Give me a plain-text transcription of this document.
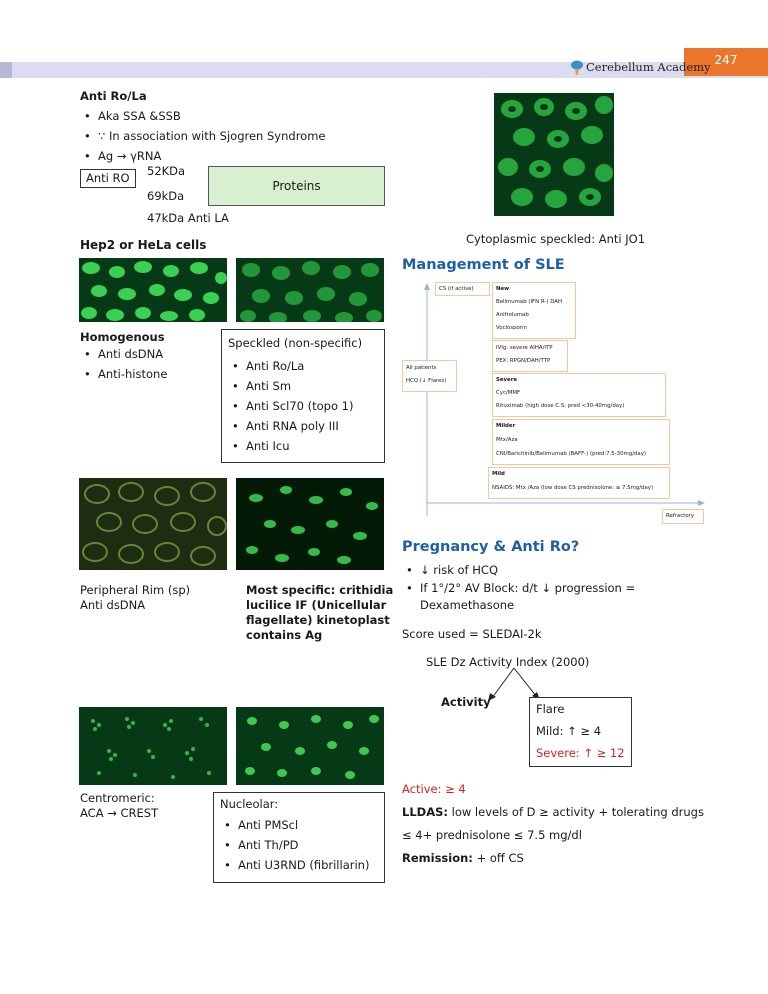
247
Cerebellum Academy
Anti Ro/La
• Aka SSA &SSB
• ∵ In association with Sjogren Syndrome
• Ag → γRNA
Anti RO	52KDa
69kDa
47kDa Anti LA
Proteins
Hep2 or HeLa cells
Homogenous
• Anti dsDNA
• Anti-histone
Speckled (non-specific)
• Anti Ro/La
• Anti Sm
• Anti Scl70 (topo 1)
• Anti RNA poly III
• Anti Icu
Peripheral Rim (sp)
Anti dsDNA
Most specific: crithidia
lucilice IF (Unicellular
flagellate) kinetoplast
contains Ag
Centromeric:
ACA → CREST
Nucleolar:
• Anti PMScl
• Anti Th/PD
• Anti U3RND (fibrillarin)
Cytoplasmic speckled: Anti JO1
Management of SLE
CS (if active)
All patients
HCQ (↓ Flares)
New
Belimumab (IFN R-) DAH
Anifrolumab
Voclosporin
IVIg: severe AIHA/ITP
PEX: RPGN/DAH/TTP
Severe
Cyc/MMF
Rituximab (high dose C.S: pred <30-40mg/day)
Milder
Mtx/Aza
CNI/Baricitinib/Belimumab (BAFF-) (pred:7.5-30mg/day)
Mild
NSAIDS: Mtx /Aza (low dose CS prednisolone: ≤ 7.5mg/day)
Refractory
Pregnancy & Anti Ro?
• ↓ risk of HCQ
• If 1°/2° AV Block: d/t ↓ progression =
Dexamethasone
Score used = SLEDAI-2k
SLE Dz Activity Index (2000)
Activity	Flare
Mild: ↑ ≥ 4
Severe: ↑ ≥ 12
Active: ≥ 4
LLDAS: low levels of D ≥ activity + tolerating drugs
≤ 4+ prednisolone ≤ 7.5 mg/dl
Remission: + off CS
